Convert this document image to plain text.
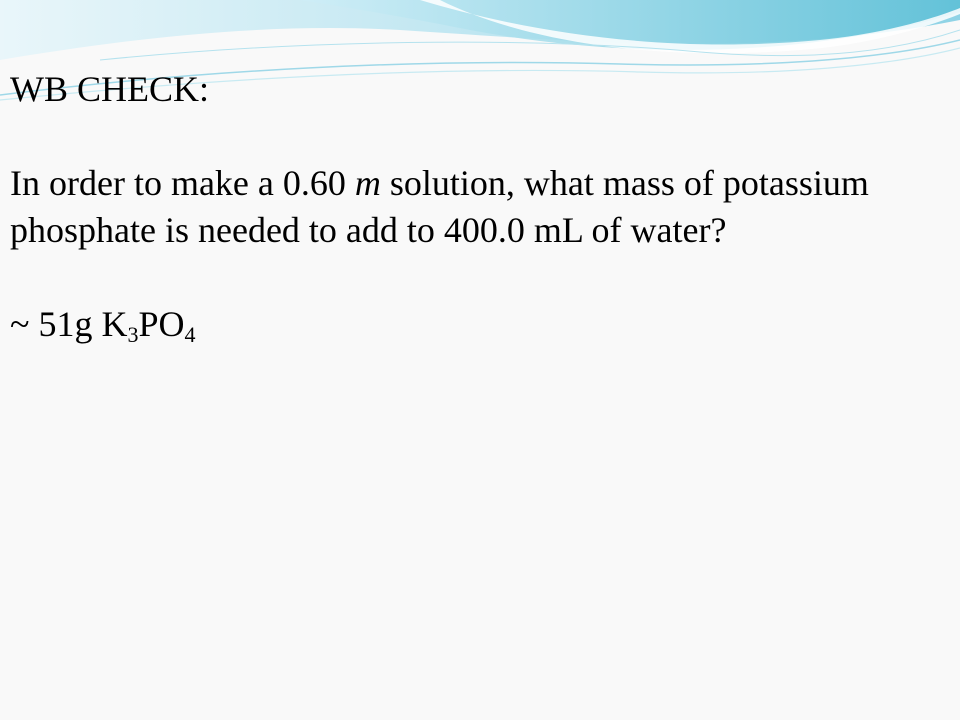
WB CHECK:

In order to make a 0.60 m solution, what mass of potassium phosphate is needed to add to 400.0 mL of water?

~ 51g $K_3PO_4$
